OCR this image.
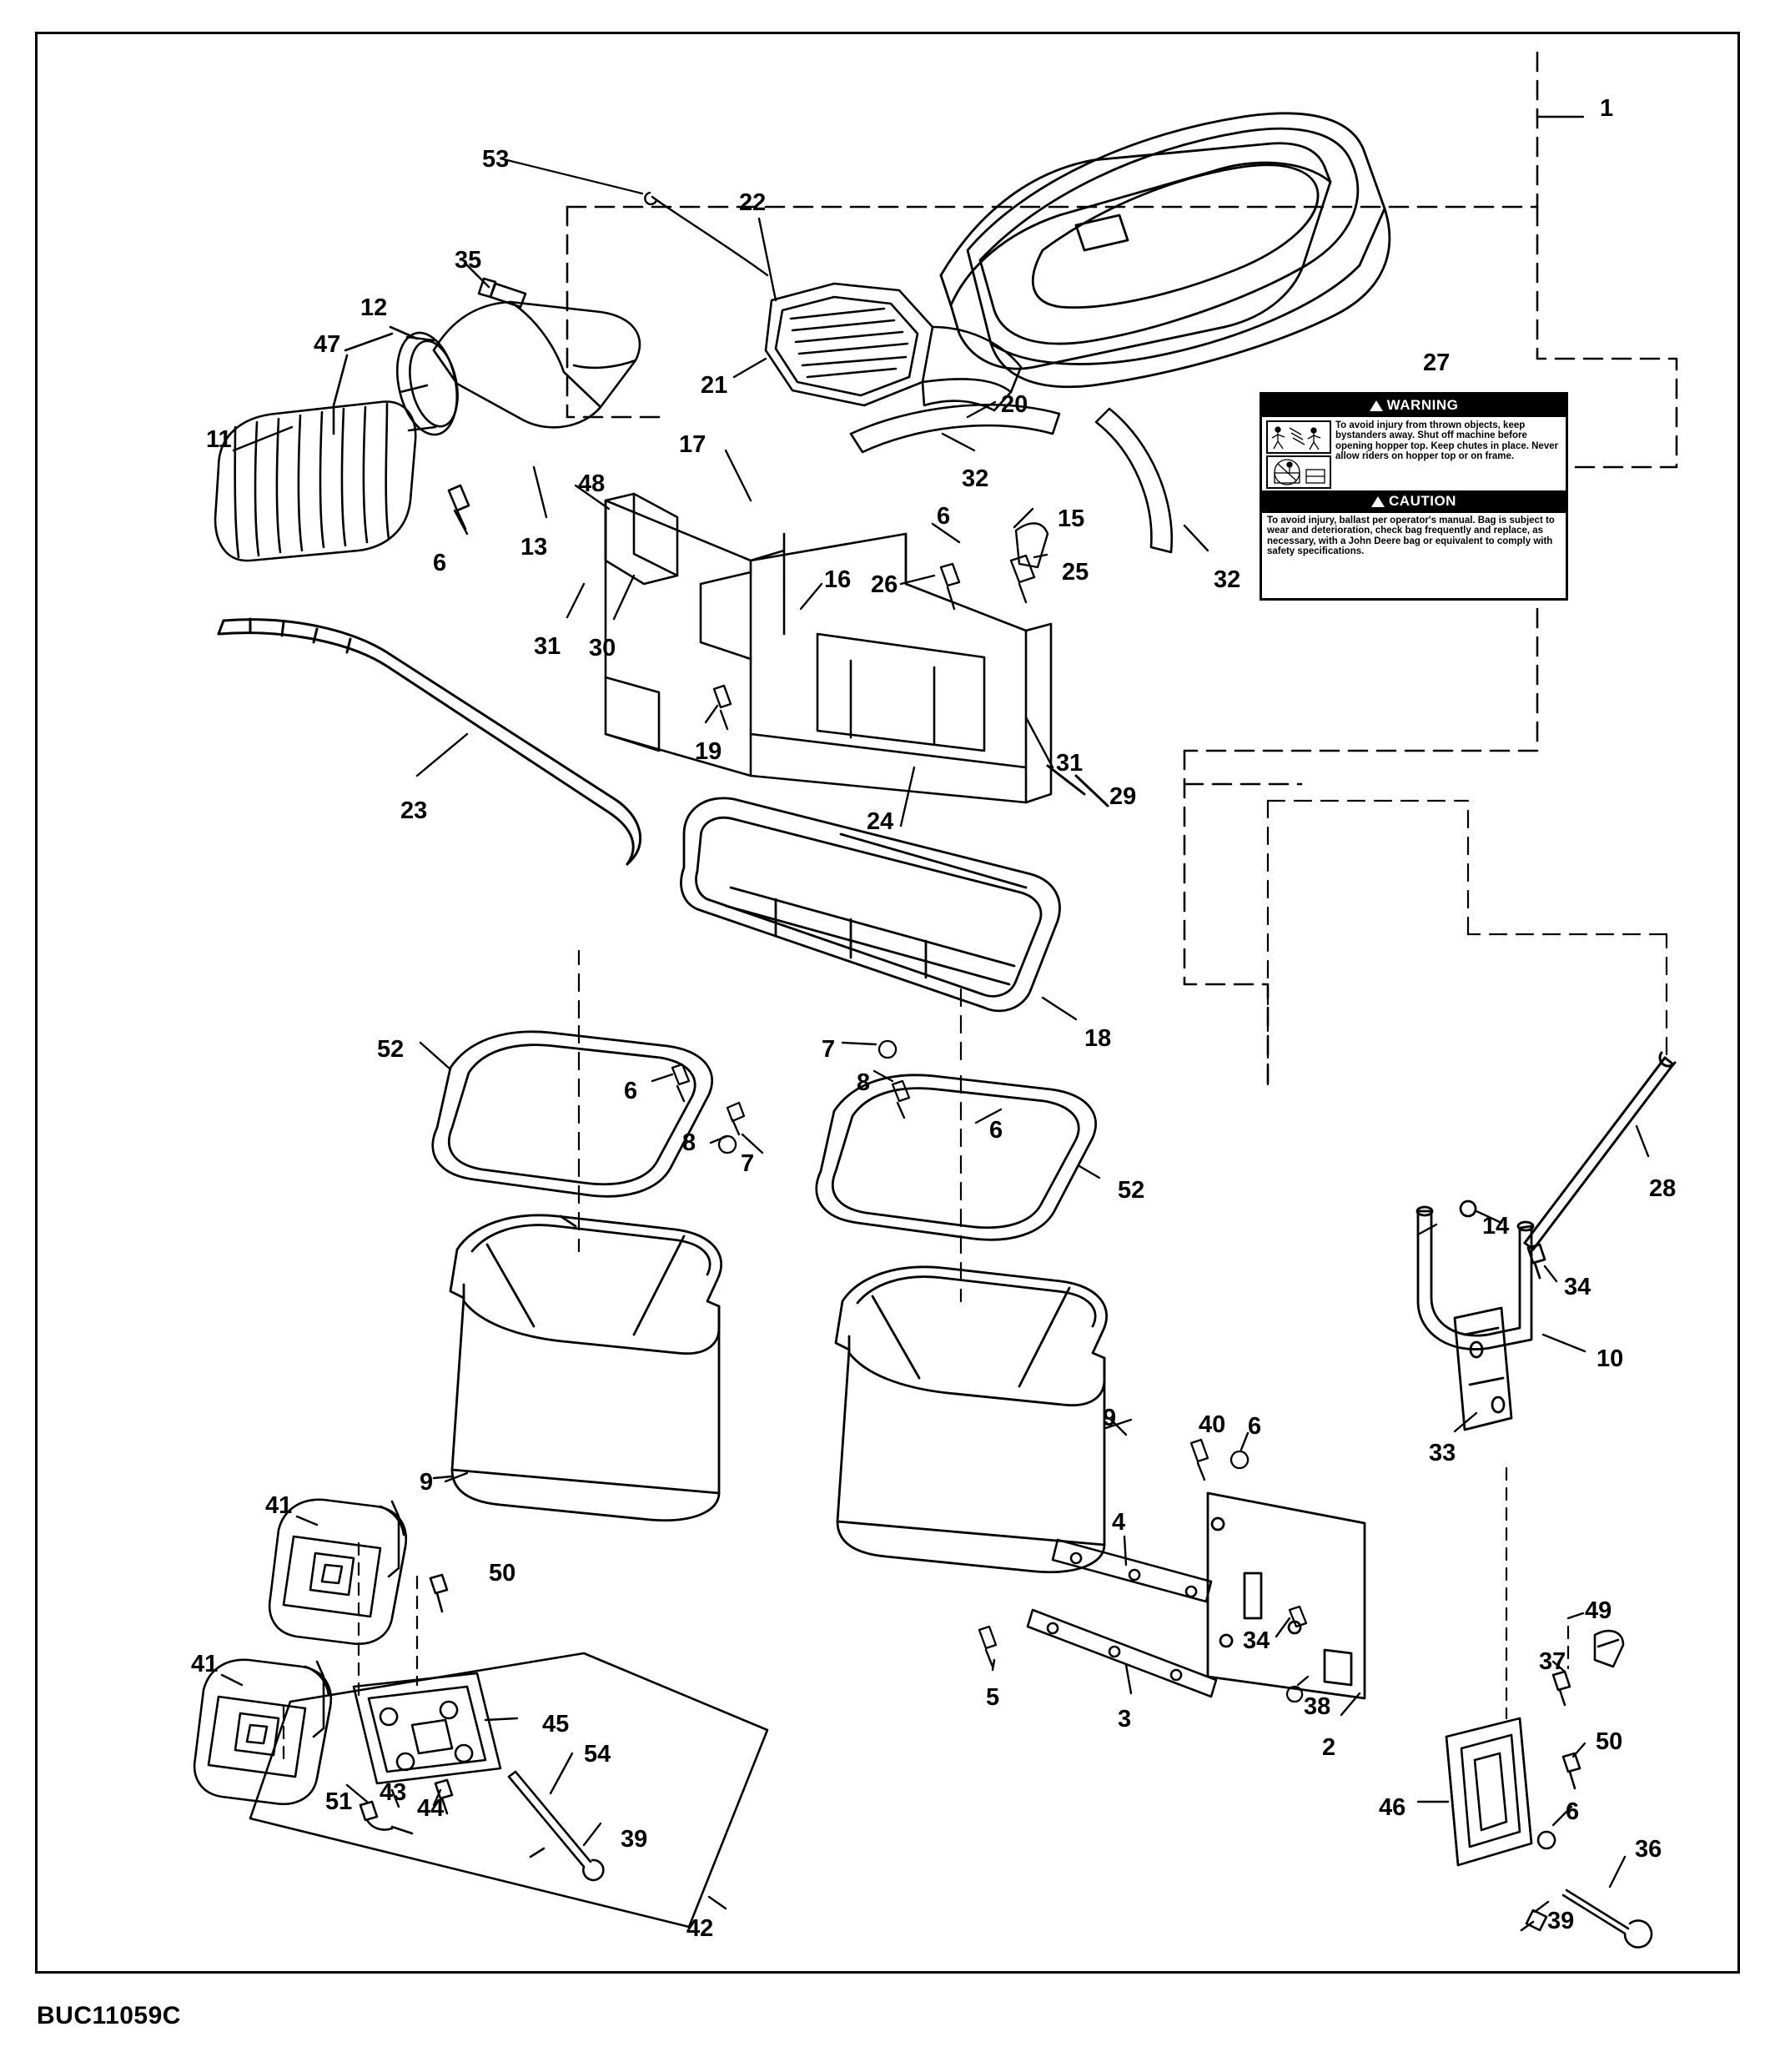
WARNING
To avoid injury from thrown objects, keep bystanders away. Shut off machine before opening hopper top. Keep chutes in place. Never allow riders on hopper top or on frame.
CAUTION
To avoid injury, ballast per operator's manual. Bag is subject to wear and deterioration, check bag frequently and replace, as necessary, with a John Deere bag or equivalent to comply with safety specifications.
1
53
22
35
12
47
27
21
20
11	17
32
48
6	15
13
6	25
16 26	32
31 30
19	31
29
23	24
18
52	7
8
6
28
6
8
7
52
14
34
10
9	40 6
33
9
41
4
50
49
34
41	37
5
3	38
45
2	50
54
51 43
44	46	6
36
39
42	39
BUC11059C
